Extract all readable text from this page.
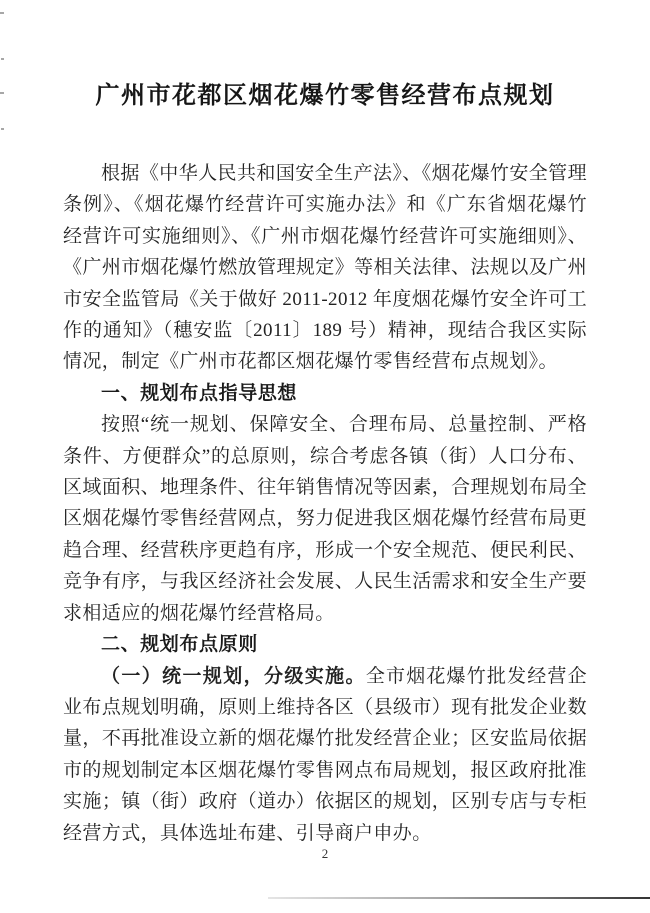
广州市花都区烟花爆竹零售经营布点规划

根据《中华人民共和国安全生产法》、《烟花爆竹安全管理条例》、《烟花爆竹经营许可实施办法》和《广东省烟花爆竹经营许可实施细则》、《广州市烟花爆竹经营许可实施细则》、《广州市烟花爆竹燃放管理规定》等相关法律、法规以及广州市安全监管局《关于做好 2011-2012 年度烟花爆竹安全许可工作的通知》（穗安监〔2011〕189 号）精神，现结合我区实际情况，制定《广州市花都区烟花爆竹零售经营布点规划》。

一、规划布点指导思想

按照“统一规划、保障安全、合理布局、总量控制、严格条件、方便群众”的总原则，综合考虑各镇（街）人口分布、区域面积、地理条件、往年销售情况等因素，合理规划布局全区烟花爆竹零售经营网点，努力促进我区烟花爆竹经营布局更趋合理、经营秩序更趋有序，形成一个安全规范、便民利民、竞争有序，与我区经济社会发展、人民生活需求和安全生产要求相适应的烟花爆竹经营格局。

二、规划布点原则

（一）统一规划，分级实施。全市烟花爆竹批发经营企业布点规划明确，原则上维持各区（县级市）现有批发企业数量，不再批准设立新的烟花爆竹批发经营企业；区安监局依据市的规划制定本区烟花爆竹零售网点布局规划，报区政府批准实施；镇（街）政府（道办）依据区的规划，区别专店与专柜经营方式，具体选址布建、引导商户申办。

2
